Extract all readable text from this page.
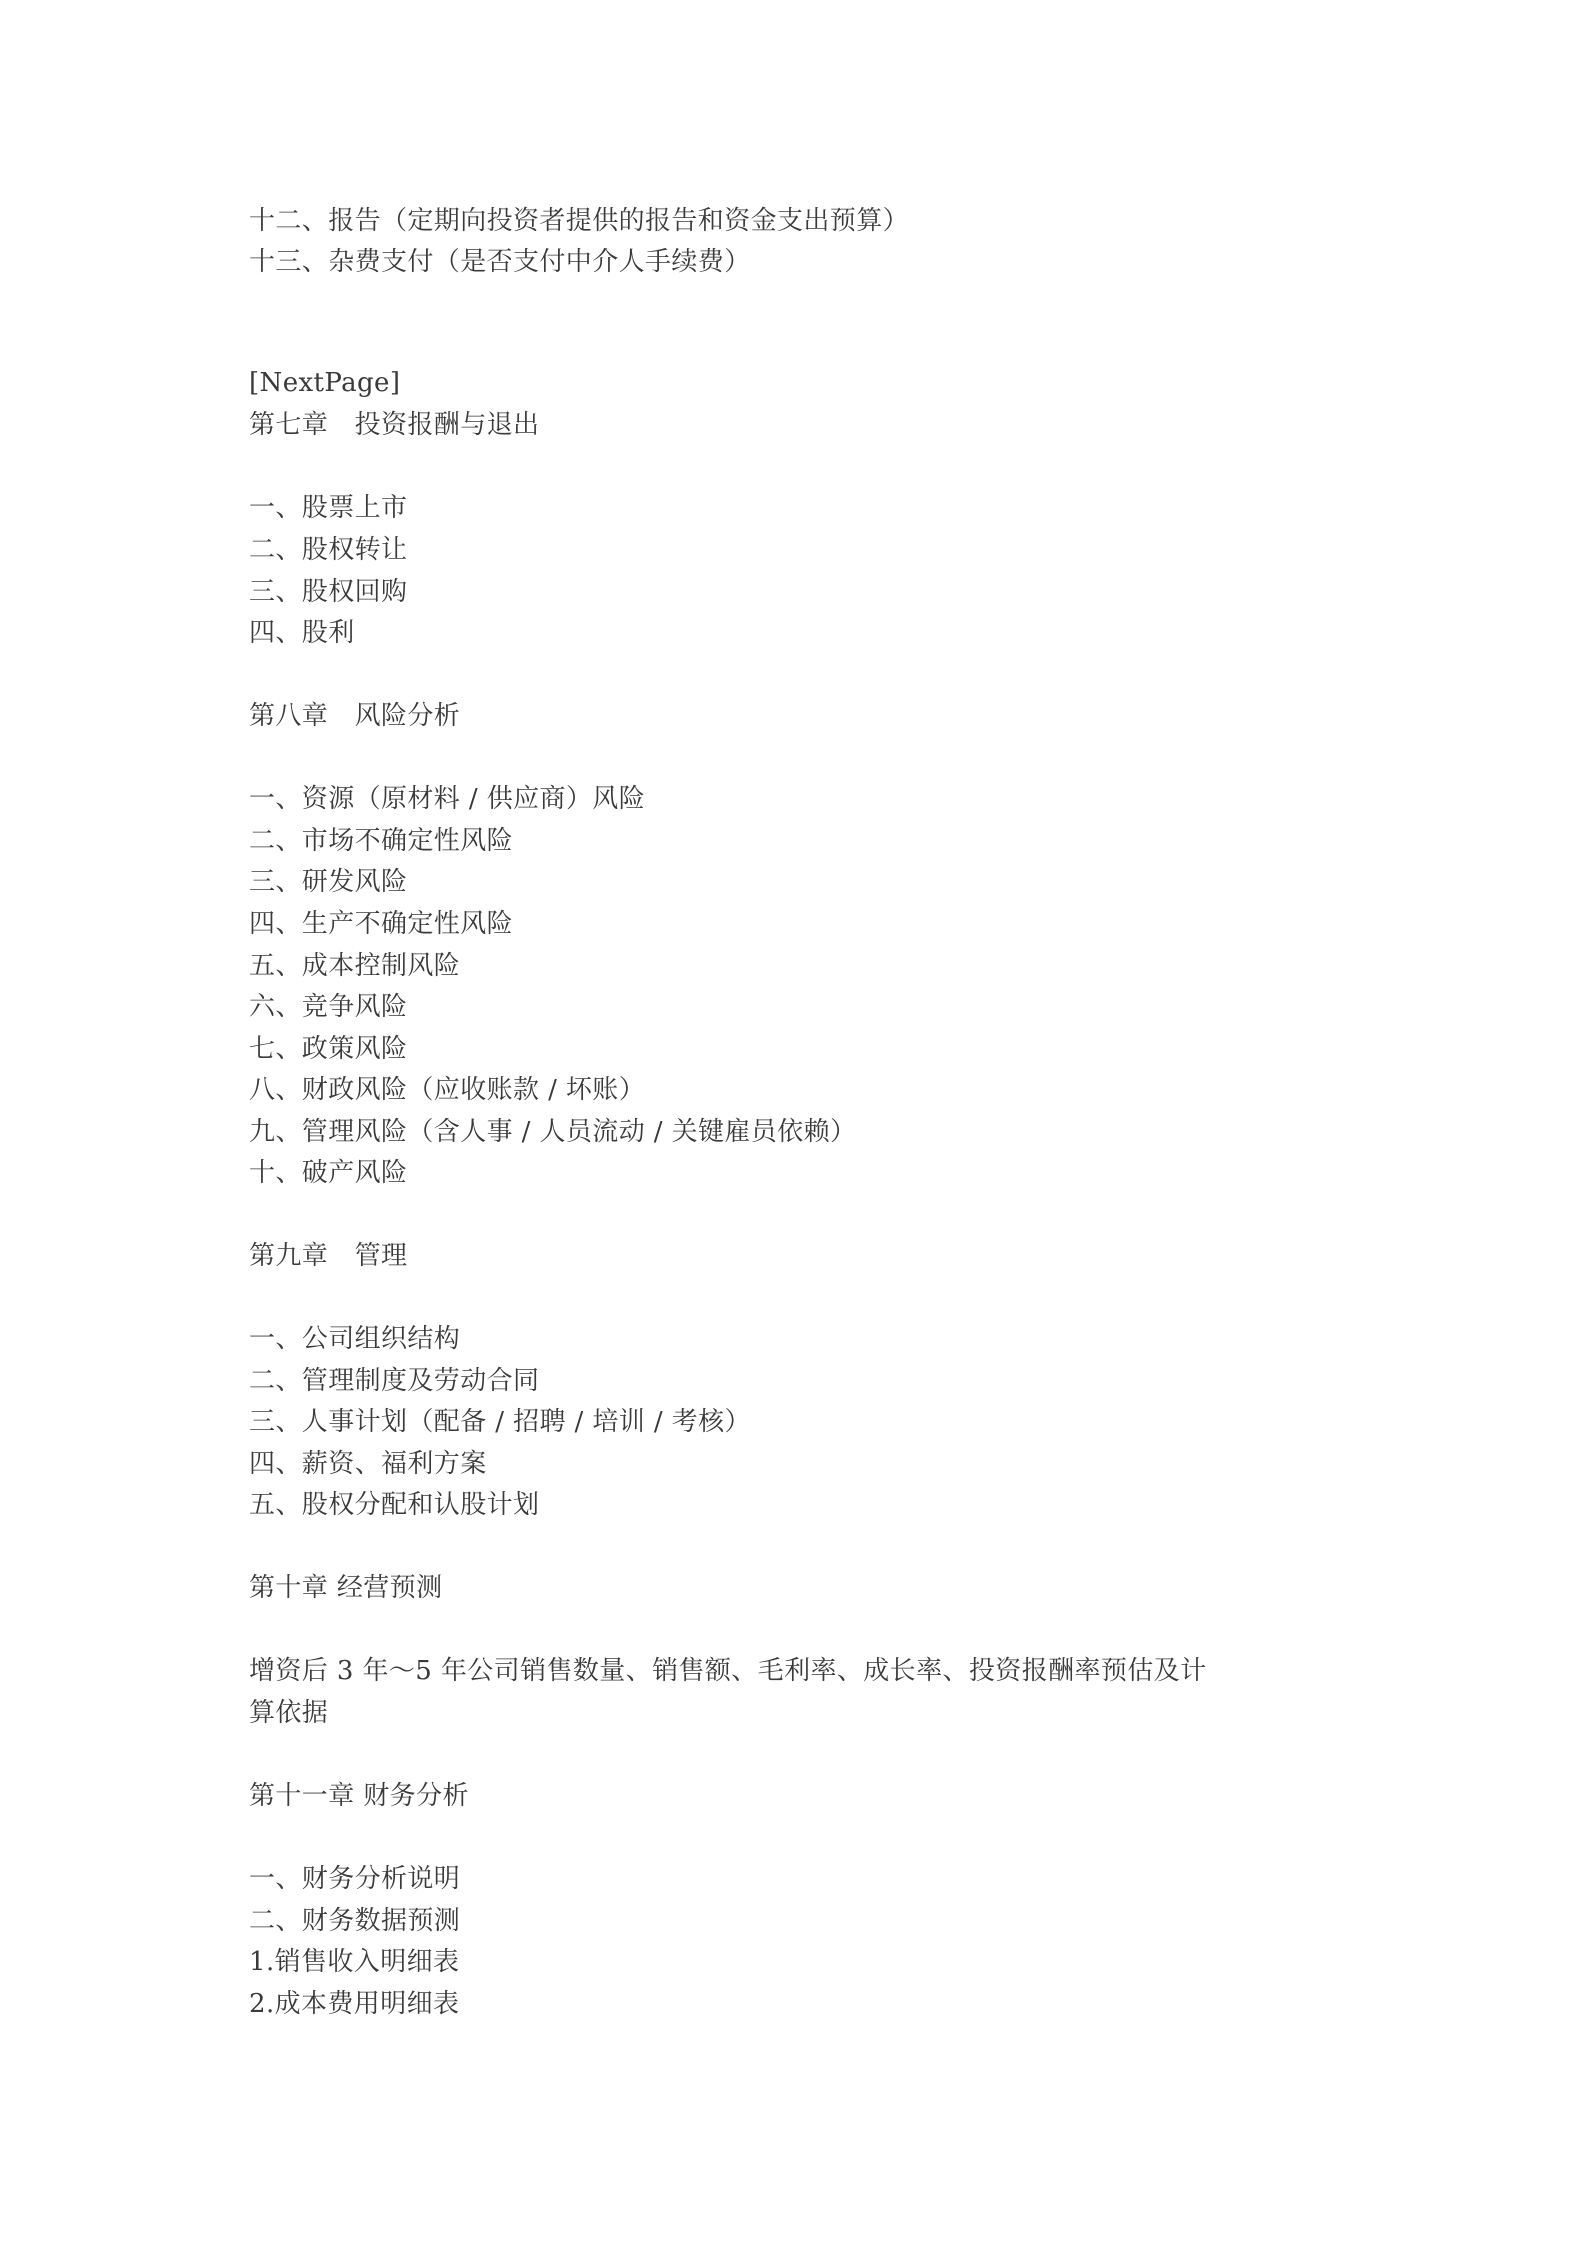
十二、报告（定期向投资者提供的报告和资金支出预算）

十三、杂费支付（是否支付中介人手续费）

[NextPage]

第七章　投资报酬与退出

一、股票上市

二、股权转让

三、股权回购

四、股利

第八章　风险分析

一、资源（原材料 / 供应商）风险

二、市场不确定性风险

三、研发风险

四、生产不确定性风险

五、成本控制风险

六、竞争风险

七、政策风险

八、财政风险（应收账款 / 坏账）

九、管理风险（含人事 / 人员流动 / 关键雇员依赖）

十、破产风险

第九章　管理

一、公司组织结构

二、管理制度及劳动合同

三、人事计划（配备 / 招聘 / 培训 / 考核）

四、薪资、福利方案

五、股权分配和认股计划

第十章 经营预测

增资后 3 年～5 年公司销售数量、销售额、毛利率、成长率、投资报酬率预估及计

算依据

第十一章 财务分析

一、财务分析说明

二、财务数据预测

1.销售收入明细表

2.成本费用明细表
